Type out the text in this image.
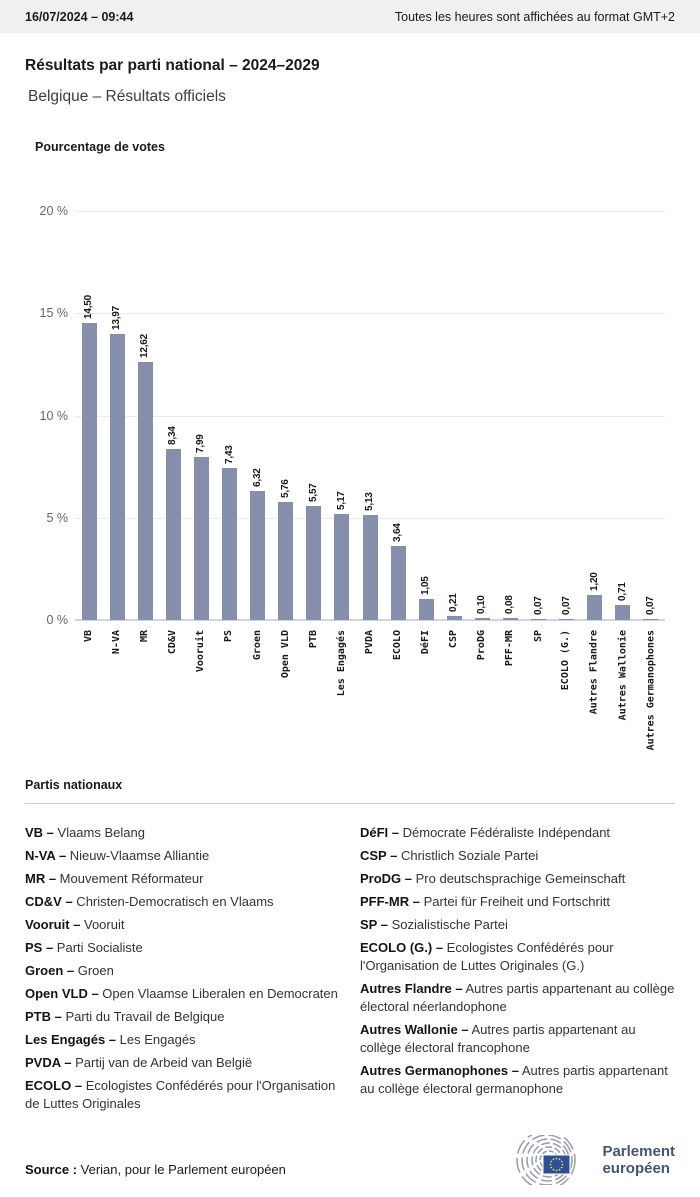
16/07/2024 – 09:44	Toutes les heures sont affichées au format GMT+2
Résultats par parti national – 2024–2029
Belgique – Résultats officiels
Pourcentage de votes
20 %
15 %
10 %
5 %
0 %
14,50
VB
13,97
N-VA
12,62
MR
8,34
CD&V
7,99
Vooruit
7,43
PS
6,32
Groen
5,76
Open VLD
5,57
PTB
5,17
Les Engagés
5,13
PVDA
3,64
ECOLO
1,05
DéFI
0,21
CSP
0,10
ProDG
0,08
PFF-MR
0,07
SP
0,07
ECOLO (G.)
1,20
Autres Flandre
0,71
Autres Wallonie
0,07
Autres Germanophones
Partis nationaux
VB – Vlaams Belang
N-VA – Nieuw-Vlaamse Alliantie
MR – Mouvement Réformateur
CD&V – Christen-Democratisch en Vlaams
Vooruit – Vooruit
PS – Parti Socialiste
Groen – Groen
Open VLD – Open Vlaamse Liberalen en Democraten
PTB – Parti du Travail de Belgique
Les Engagés – Les Engagés
PVDA – Partij van de Arbeid van België
ECOLO – Ecologistes Confédérés pour l'Organisation de Luttes Originales
DéFI – Démocrate Fédéraliste Indépendant
CSP – Christlich Soziale Partei
ProDG – Pro deutschsprachige Gemeinschaft
PFF-MR – Partei für Freiheit und Fortschritt
SP – Sozialistische Partei
ECOLO (G.) – Ecologistes Confédérés pour l'Organisation de Luttes Originales (G.)
Autres Flandre – Autres partis appartenant au collège électoral néerlandophone
Autres Wallonie – Autres partis appartenant au collège électoral francophone
Autres Germanophones – Autres partis appartenant au collège électoral germanophone
Source : Verian, pour le Parlement européen
Parlement
européen
